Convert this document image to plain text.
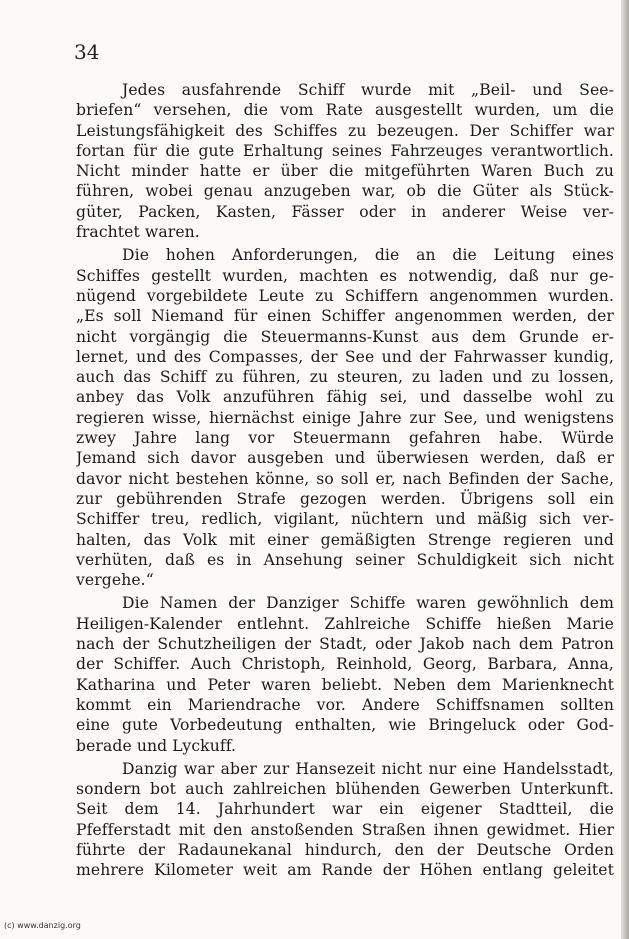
34
Jedes ausfahrende Schiff wurde mit „Beil- und See-
briefen“ versehen, die vom Rate ausgestellt wurden, um die
Leistungsfähigkeit des Schiffes zu bezeugen. Der Schiffer war
fortan für die gute Erhaltung seines Fahrzeuges verantwortlich.
Nicht minder hatte er über die mitgeführten Waren Buch zu
führen, wobei genau anzugeben war, ob die Güter als Stück-
güter, Packen, Kasten, Fässer oder in anderer Weise ver-
frachtet waren.
Die hohen Anforderungen, die an die Leitung eines
Schiffes gestellt wurden, machten es notwendig, daß nur ge-
nügend vorgebildete Leute zu Schiffern angenommen wurden.
„Es soll Niemand für einen Schiffer angenommen werden, der
nicht vorgängig die Steuermanns-Kunst aus dem Grunde er-
lernet, und des Compasses, der See und der Fahrwasser kundig,
auch das Schiff zu führen, zu steuren, zu laden und zu lossen,
anbey das Volk anzuführen fähig sei, und dasselbe wohl zu
regieren wisse, hiernächst einige Jahre zur See, und wenigstens
zwey Jahre lang vor Steuermann gefahren habe. Würde
Jemand sich davor ausgeben und überwiesen werden, daß er
davor nicht bestehen könne, so soll er, nach Befinden der Sache,
zur gebührenden Strafe gezogen werden. Übrigens soll ein
Schiffer treu, redlich, vigilant, nüchtern und mäßig sich ver-
halten, das Volk mit einer gemäßigten Strenge regieren und
verhüten, daß es in Ansehung seiner Schuldigkeit sich nicht
vergehe.“
Die Namen der Danziger Schiffe waren gewöhnlich dem
Heiligen-Kalender entlehnt. Zahlreiche Schiffe hießen Marie
nach der Schutzheiligen der Stadt, oder Jakob nach dem Patron
der Schiffer. Auch Christoph, Reinhold, Georg, Barbara, Anna,
Katharina und Peter waren beliebt. Neben dem Marienknecht
kommt ein Mariendrache vor. Andere Schiffsnamen sollten
eine gute Vorbedeutung enthalten, wie Bringeluck oder God-
berade und Lyckuff.
Danzig war aber zur Hansezeit nicht nur eine Handelsstadt,
sondern bot auch zahlreichen blühenden Gewerben Unterkunft.
Seit dem 14. Jahrhundert war ein eigener Stadtteil, die
Pfefferstadt mit den anstoßenden Straßen ihnen gewidmet. Hier
führte der Radaunekanal hindurch, den der Deutsche Orden
mehrere Kilometer weit am Rande der Höhen entlang geleitet
(c) www.danzig.org
